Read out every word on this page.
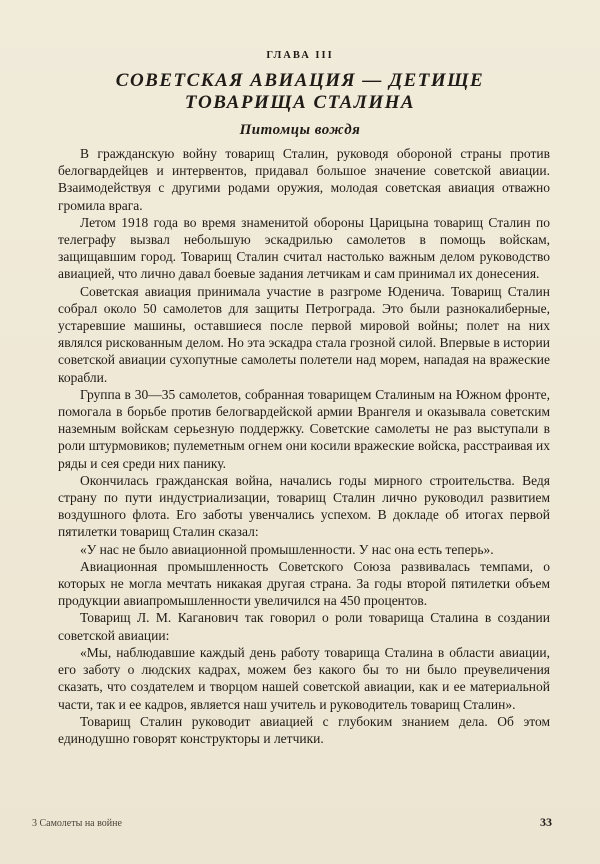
ГЛАВА III
СОВЕТСКАЯ АВИАЦИЯ — ДЕТИЩЕ
ТОВАРИЩА СТАЛИНА
Питомцы вождя

В гражданскую войну товарищ Сталин, руководя обороной страны против белогвардейцев и интервентов, придавал большое значение советской авиации. Взаимодействуя с другими родами оружия, молодая советская авиация отважно громила врага.

Летом 1918 года во время знаменитой обороны Царицына товарищ Сталин по телеграфу вызвал небольшую эскадрилью самолетов в помощь войскам, защищавшим город. Товарищ Сталин считал настолько важным делом руководство авиацией, что лично давал боевые задания летчикам и сам принимал их донесения.

Советская авиация принимала участие в разгроме Юденича. Товарищ Сталин собрал около 50 самолетов для защиты Петрограда. Это были разнокалиберные, устаревшие машины, оставшиеся после первой мировой войны; полет на них являлся рискованным делом. Но эта эскадра стала грозной силой. Впервые в истории советской авиации сухопутные самолеты полетели над морем, нападая на вражеские корабли.

Группа в 30—35 самолетов, собранная товарищем Сталиным на Южном фронте, помогала в борьбе против белогвардейской армии Врангеля и оказывала советским наземным войскам серьезную поддержку. Советские самолеты не раз выступали в роли штурмовиков; пулеметным огнем они косили вражеские войска, расстраивая их ряды и сея среди них панику.

Окончилась гражданская война, начались годы мирного строительства. Ведя страну по пути индустриализации, товарищ Сталин лично руководил развитием воздушного флота. Его заботы увенчались успехом. В докладе об итогах первой пятилетки товарищ Сталин сказал:

«У нас не было авиационной промышленности. У нас она есть теперь».

Авиационная промышленность Советского Союза развивалась темпами, о которых не могла мечтать никакая другая страна. За годы второй пятилетки объем продукции авиапромышленности увеличился на 450 процентов.

Товарищ Л. М. Каганович так говорил о роли товарища Сталина в создании советской авиации:

«Мы, наблюдавшие каждый день работу товарища Сталина в области авиации, его заботу о людских кадрах, можем без какого бы то ни было преувеличения сказать, что создателем и творцом нашей советской авиации, как и ее материальной части, так и ее кадров, является наш учитель и руководитель товарищ Сталин».

Товарищ Сталин руководит авиацией с глубоким знанием дела. Об этом единодушно говорят конструкторы и летчики.

3 Самолеты на войне	33
